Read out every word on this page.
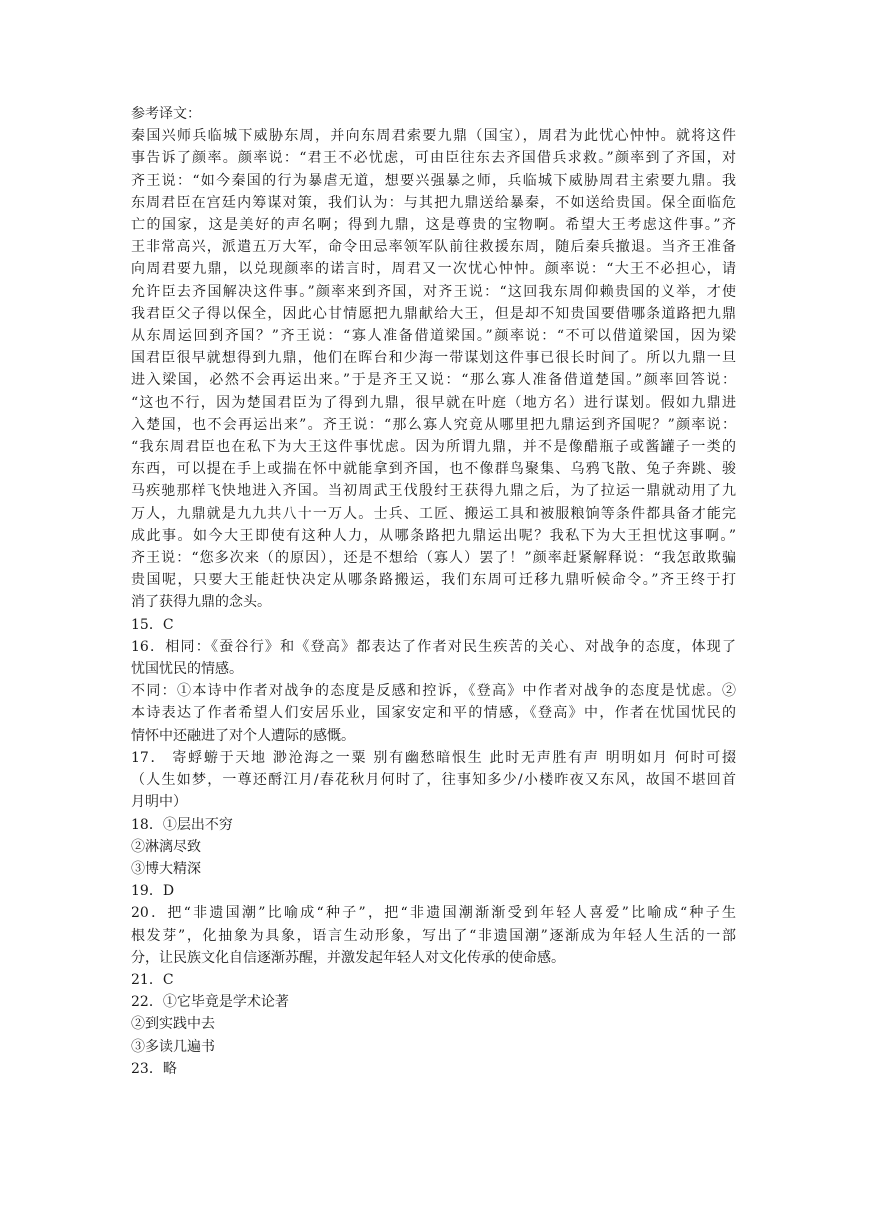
参考译文：
秦国兴师兵临城下威胁东周，并向东周君索要九鼎（国宝），周君为此忧心忡忡。就将这件
事告诉了颜率。颜率说：“君王不必忧虑，可由臣往东去齐国借兵求救。”颜率到了齐国，对
齐王说：“如今秦国的行为暴虐无道，想要兴强暴之师，兵临城下威胁周君主索要九鼎。我
东周君臣在宫廷内筹谋对策，我们认为：与其把九鼎送给暴秦，不如送给贵国。保全面临危
亡的国家，这是美好的声名啊；得到九鼎，这是尊贵的宝物啊。希望大王考虑这件事。”齐
王非常高兴，派遣五万大军，命令田忌率领军队前往救援东周，随后秦兵撤退。当齐王准备
向周君要九鼎，以兑现颜率的诺言时，周君又一次忧心忡忡。颜率说：“大王不必担心，请
允许臣去齐国解决这件事。”颜率来到齐国，对齐王说：“这回我东周仰赖贵国的义举，才使
我君臣父子得以保全，因此心甘情愿把九鼎献给大王，但是却不知贵国要借哪条道路把九鼎
从东周运回到齐国？”齐王说：“寡人准备借道梁国。”颜率说：“不可以借道梁国，因为梁
国君臣很早就想得到九鼎，他们在晖台和少海一带谋划这件事已很长时间了。所以九鼎一旦
进入梁国，必然不会再运出来。”于是齐王又说：“那么寡人准备借道楚国。”颜率回答说：
“这也不行，因为楚国君臣为了得到九鼎，很早就在叶庭（地方名）进行谋划。假如九鼎进
入楚国，也不会再运出来”。齐王说：“那么寡人究竟从哪里把九鼎运到齐国呢？”颜率说：
“我东周君臣也在私下为大王这件事忧虑。因为所谓九鼎，并不是像醋瓶子或酱罐子一类的
东西，可以提在手上或揣在怀中就能拿到齐国，也不像群鸟聚集、乌鸦飞散、兔子奔跳、骏
马疾驰那样飞快地进入齐国。当初周武王伐殷纣王获得九鼎之后，为了拉运一鼎就动用了九
万人，九鼎就是九九共八十一万人。士兵、工匠、搬运工具和被服粮饷等条件都具备才能完
成此事。如今大王即使有这种人力，从哪条路把九鼎运出呢？我私下为大王担忧这事啊。”
齐王说：“您多次来（的原因），还是不想给（寡人）罢了！”颜率赶紧解释说：“我怎敢欺骗
贵国呢，只要大王能赶快决定从哪条路搬运，我们东周可迁移九鼎听候命令。”齐王终于打
消了获得九鼎的念头。
15．C
16．相同：《蚕谷行》和《登高》都表达了作者对民生疾苦的关心、对战争的态度，体现了
忧国忧民的情感。
不同：①本诗中作者对战争的态度是反感和控诉，《登高》中作者对战争的态度是忧虑。②
本诗表达了作者希望人们安居乐业，国家安定和平的情感，《登高》中，作者在忧国忧民的
情怀中还融进了对个人遭际的感慨。
17． 寄蜉蝣于天地 渺沧海之一粟 别有幽愁暗恨生 此时无声胜有声 明明如月 何时可掇
（人生如梦，一尊还酹江月/春花秋月何时了，往事知多少/小楼昨夜又东风，故国不堪回首
月明中）
18．①层出不穷
②淋漓尽致
③博大精深
19．D
20．把“非遗国潮”比喻成“种子”，把“非遗国潮渐渐受到年轻人喜爱”比喻成“种子生
根发芽”，化抽象为具象，语言生动形象，写出了“非遗国潮”逐渐成为年轻人生活的一部
分，让民族文化自信逐渐苏醒，并激发起年轻人对文化传承的使命感。
21．C
22．①它毕竟是学术论著
②到实践中去
③多读几遍书
23．略
